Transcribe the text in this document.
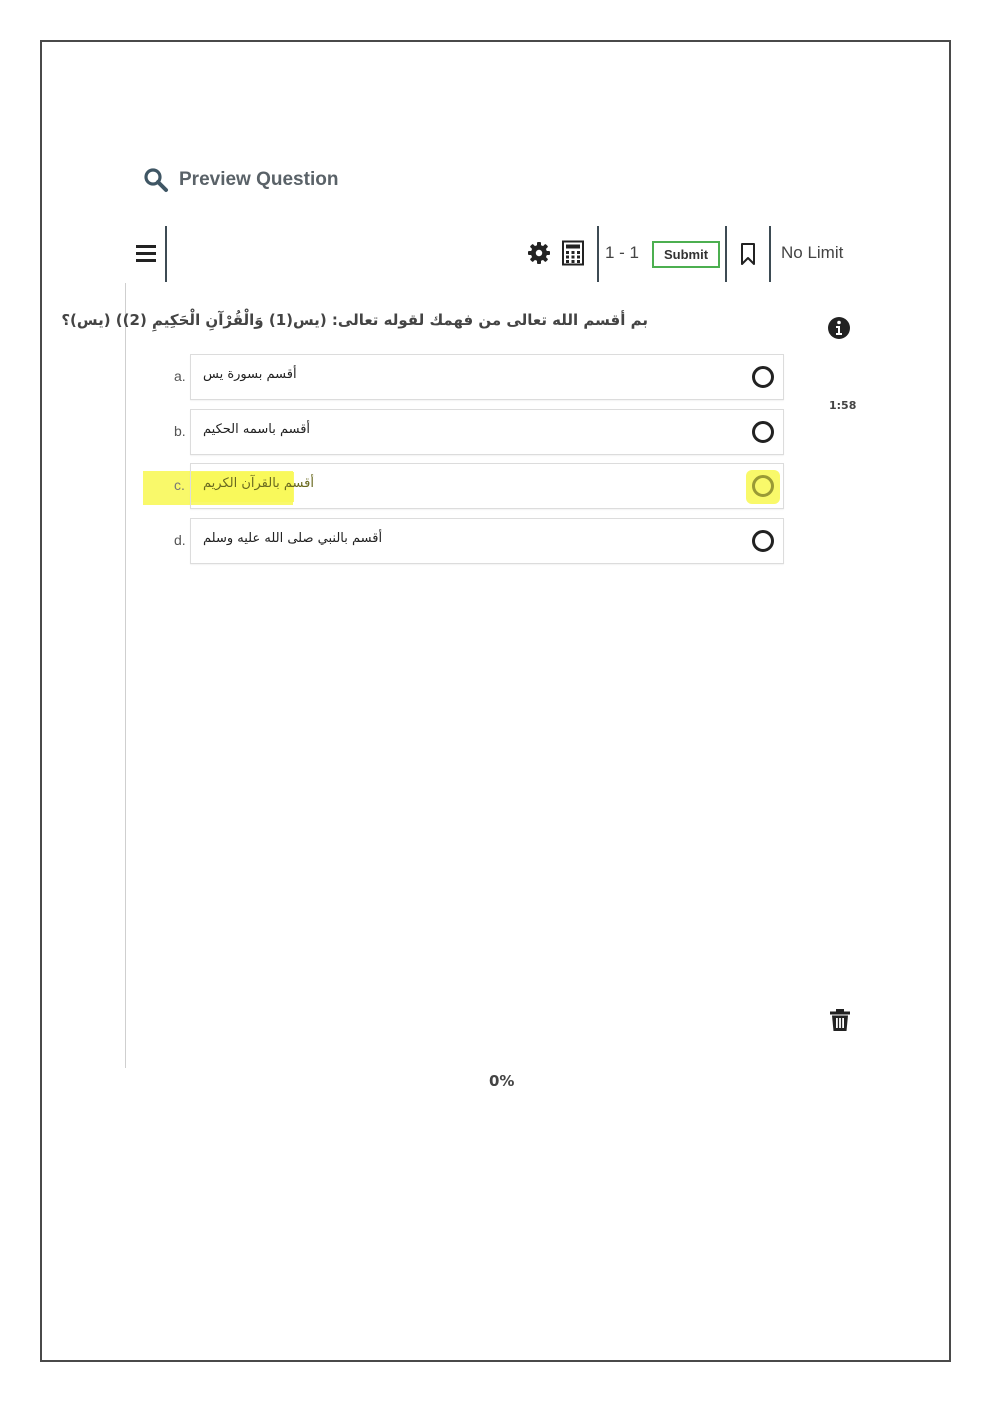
Preview Question
1 - 1	Submit	No Limit
بم أقسم الله تعالى من فهمك لقوله تعالى: (يس(1) وَالْقُرْآنِ الْحَكِيمِ (2)) (يس)؟
1:58
a. أقسم بسورة يس
b. أقسم باسمه الحكيم
c. أقسم بالقرآن الكريم
d. أقسم بالنبي صلى الله عليه وسلم
0%
